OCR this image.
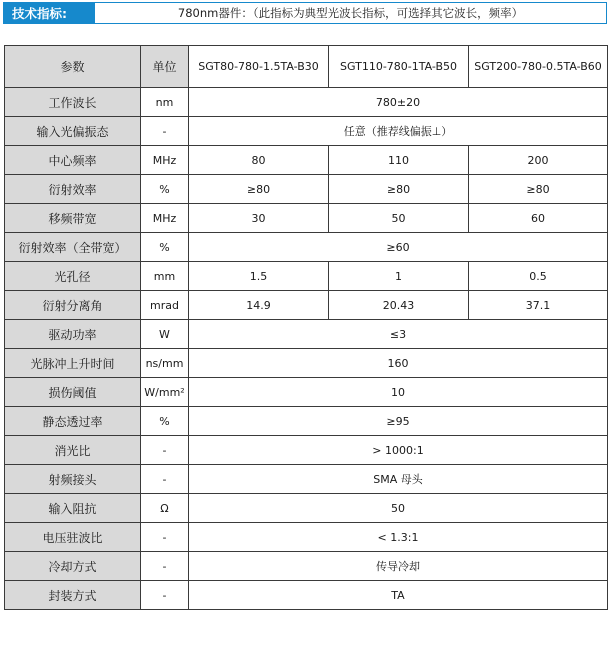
技术指标:	780nm器件：（此指标为典型光波长指标，可选择其它波长，频率）
参数	单位	SGT80-780-1.5TA-B30	SGT110-780-1TA-B50	SGT200-780-0.5TA-B60
工作波长	nm	780±20		
输入光偏振态	-	任意（推荐线偏振⊥）		
中心频率	MHz	80	110	200
衍射效率	%	≥80	≥80	≥80
移频带宽	MHz	30	50	60
衍射效率（全带宽）	%	≥60		
光孔径	mm	1.5	1	0.5
衍射分离角	mrad	14.9	20.43	37.1
驱动功率	W	≤3		
光脉冲上升时间	ns/mm	160		
损伤阈值	W/mm²	10		
静态透过率	%	≥95		
消光比	-	> 1000:1		
射频接头	-	SMA 母头		
输入阻抗	Ω	50		
电压驻波比	-	< 1.3:1		
冷却方式	-	传导冷却		
封装方式	-	TA		
